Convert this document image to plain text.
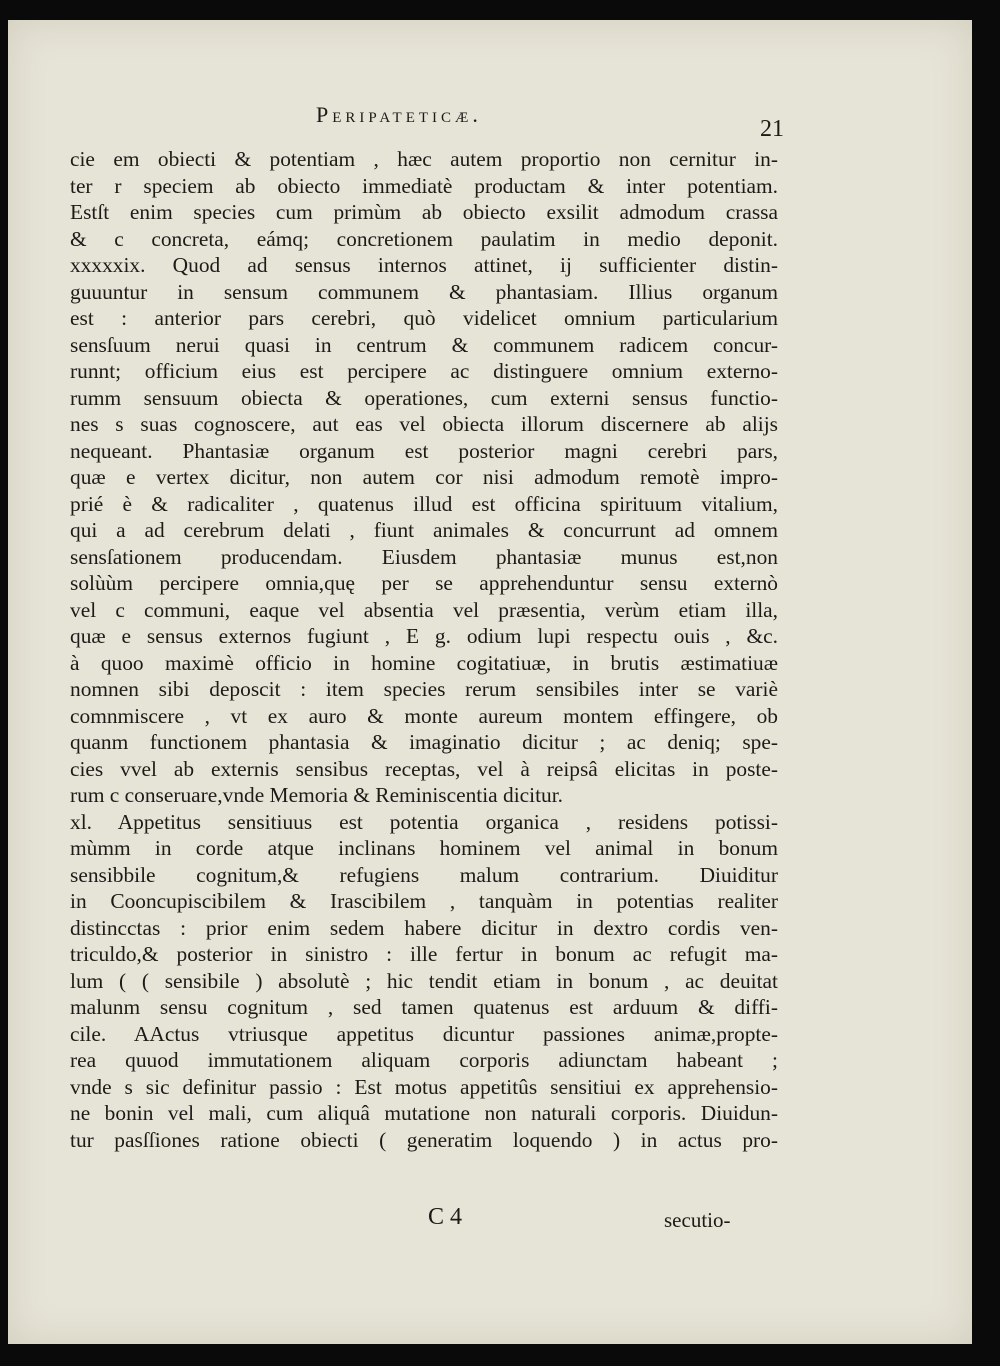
Peripateticæ.
21
cie em obiecti & potentiam , hæc autem proportio non cernitur in-
ter r speciem ab obiecto immediatè productam & inter potentiam.
Estſt enim species cum primùm ab obiecto exsilit admodum crassa
& c concreta, eámq; concretionem paulatim in medio deponit.
xxxxxix. Quod ad sensus internos attinet, ij sufficienter distin-
guuuntur in sensum communem & phantasiam. Illius organum
est : anterior pars cerebri, quò videlicet omnium particularium
sensſuum nerui quasi in centrum & communem radicem concur-
runnt; officium eius est percipere ac distinguere omnium externo-
rumm sensuum obiecta & operationes, cum externi sensus functio-
nes s suas cognoscere, aut eas vel obiecta illorum discernere ab alijs
nequeant. Phantasiæ organum est posterior magni cerebri pars,
quæ e vertex dicitur, non autem cor nisi admodum remotè impro-
prié è & radicaliter , quatenus illud est officina spirituum vitalium,
qui a ad cerebrum delati , fiunt animales & concurrunt ad omnem
sensſationem producendam. Eiusdem phantasiæ munus est,non
solùùm percipere omnia,quę per se apprehenduntur sensu externò
vel c communi, eaque vel absentia vel præsentia, verùm etiam illa,
quæ e sensus externos fugiunt , E g. odium lupi respectu ouis , &c.
à quoo maximè officio in homine cogitatiuæ, in brutis æstimatiuæ
nomnen sibi deposcit : item species rerum sensibiles inter se variè
comnmiscere , vt ex auro & monte aureum montem effingere, ob
quanm functionem phantasia & imaginatio dicitur ; ac deniq; spe-
cies vvel ab externis sensibus receptas, vel à reipsâ elicitas in poste-
rum c conseruare,vnde Memoria & Reminiscentia dicitur.
xl. Appetitus sensitiuus est potentia organica , residens potissi-
mùmm in corde atque inclinans hominem vel animal in bonum
sensibbile cognitum,& refugiens malum contrarium. Diuiditur
in Cooncupiscibilem & Irascibilem , tanquàm in potentias realiter
distincctas : prior enim sedem habere dicitur in dextro cordis ven-
triculdo,& posterior in sinistro : ille fertur in bonum ac refugit ma-
lum ( ( sensibile ) absolutè ; hic tendit etiam in bonum , ac deuitat
malunm sensu cognitum , sed tamen quatenus est arduum & diffi-
cile. AActus vtriusque appetitus dicuntur passiones animæ,propte-
rea quuod immutationem aliquam corporis adiunctam habeant ;
vnde s sic definitur passio : Est motus appetitûs sensitiui ex apprehensio-
ne bonin vel mali, cum aliquâ mutatione non naturali corporis. Diuidun-
tur pasſſiones ratione obiecti ( generatim loquendo ) in actus pro-
C 4	secutio-
